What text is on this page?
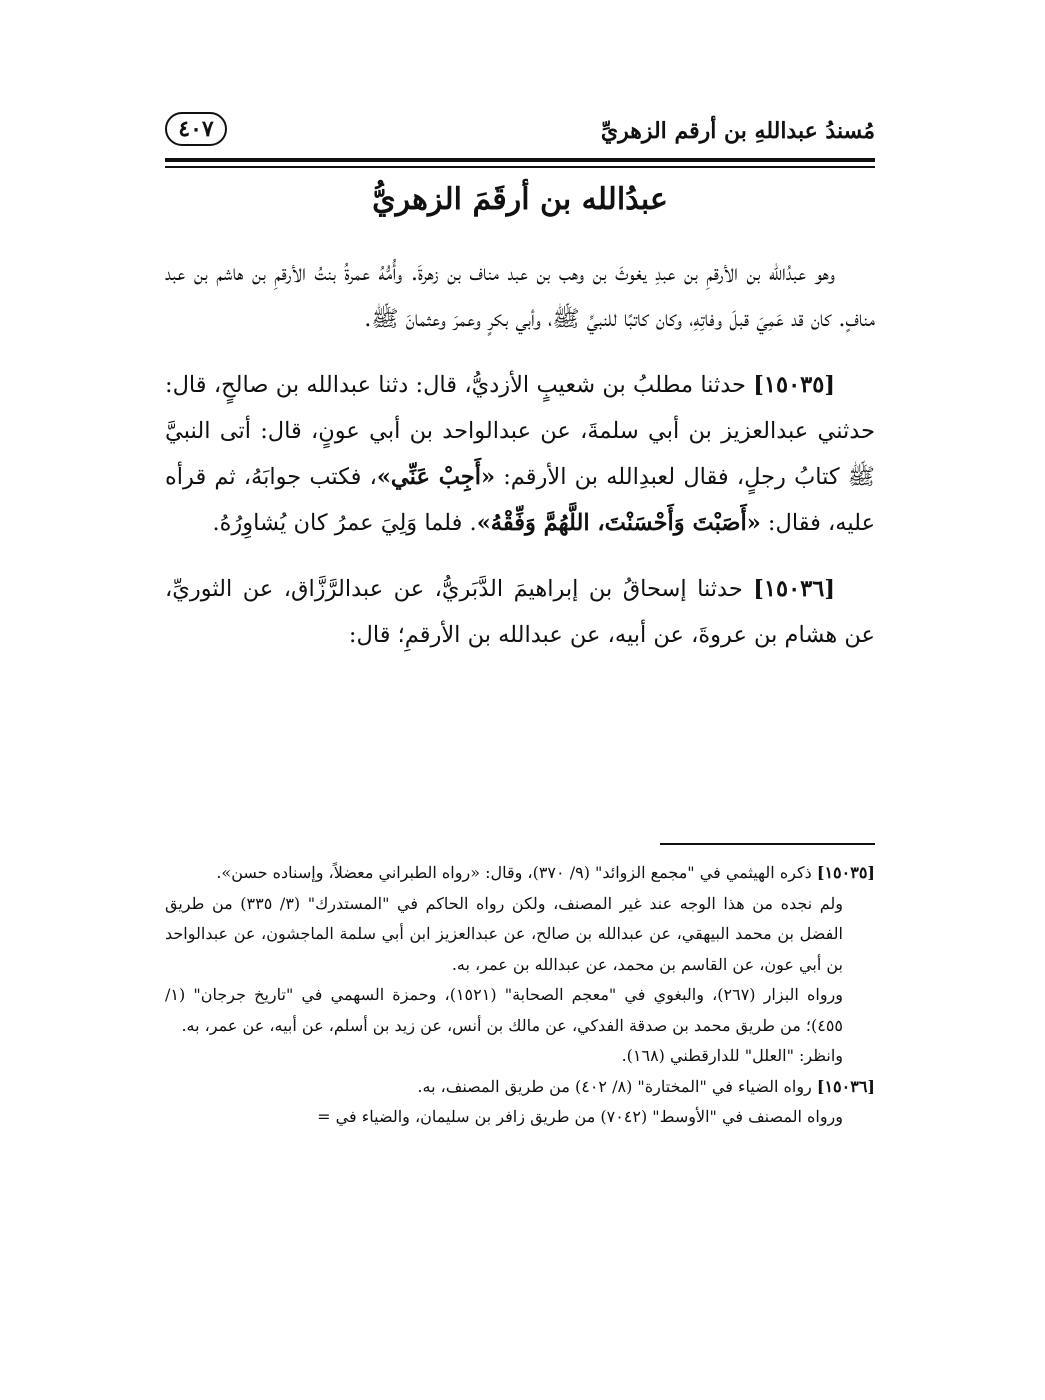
مُسندُ عبداللهِ بن أرقم الزهريِّ
٤٠٧
عبدُالله بن أرقَمَ الزهريُّ

وهو عبدُالله بن الأرقمِ بن عبدِ يغوثَ بن وهب بن عبد مناف بن زهرةَ. وأُمُّهُ عمرةُ بنتُ الأرقمِ بن هاشم بن عبد منافٍ. كان قد عَمِيَ قبلَ وفاتِهِ، وكان كاتبًا للنبيِّ ﷺ، وأبي بكرٍ وعمرَ وعثمانَ ﷺ.

[١٥٠٣٥] حدثنا مطلبُ بن شعيبٍ الأزديُّ، قال: دثنا عبدالله بن صالحٍ، قال: حدثني عبدالعزيز بن أبي سلمةَ، عن عبدالواحد بن أبي عونٍ، قال: أتى النبيَّ ﷺ كتابُ رجلٍ، فقال لعبدِالله بن الأرقم: «أَجِبْ عَنِّي»، فكتب جوابَهُ، ثم قرأه عليه، فقال: «أَصَبْتَ وَأَحْسَنْتَ، اللَّهُمَّ وَفِّقْهُ». فلما وَلِيَ عمرُ كان يُشاوِرُهُ.

[١٥٠٣٦] حدثنا إسحاقُ بن إبراهيمَ الدَّبَريُّ، عن عبدالرَّزَّاق، عن الثوريِّ، عن هشام بن عروةَ، عن أبيه، عن عبدالله بن الأرقمِ؛ قال:

[١٥٠٣٥] ذكره الهيثمي في "مجمع الزوائد" (٩/ ٣٧٠)، وقال: «رواه الطبراني معضلاً، وإسناده حسن».

ولم نجده من هذا الوجه عند غير المصنف، ولكن رواه الحاكم في "المستدرك" (٣/ ٣٣٥) من طريق الفضل بن محمد البيهقي، عن عبدالله بن صالح، عن عبدالعزيز ابن أبي سلمة الماجشون، عن عبدالواحد بن أبي عون، عن القاسم بن محمد، عن عبدالله بن عمر، به.

ورواه البزار (٢٦٧)، والبغوي في "معجم الصحابة" (١٥٢١)، وحمزة السهمي في "تاريخ جرجان" (١/ ٤٥٥)؛ من طريق محمد بن صدقة الفدكي، عن مالك بن أنس، عن زيد بن أسلم، عن أبيه، عن عمر، به.

وانظر: "العلل" للدارقطني (١٦٨).

[١٥٠٣٦] رواه الضياء في "المختارة" (٨/ ٤٠٢) من طريق المصنف، به.

ورواه المصنف في "الأوسط" (٧٠٤٢) من طريق زافر بن سليمان، والضياء في =
